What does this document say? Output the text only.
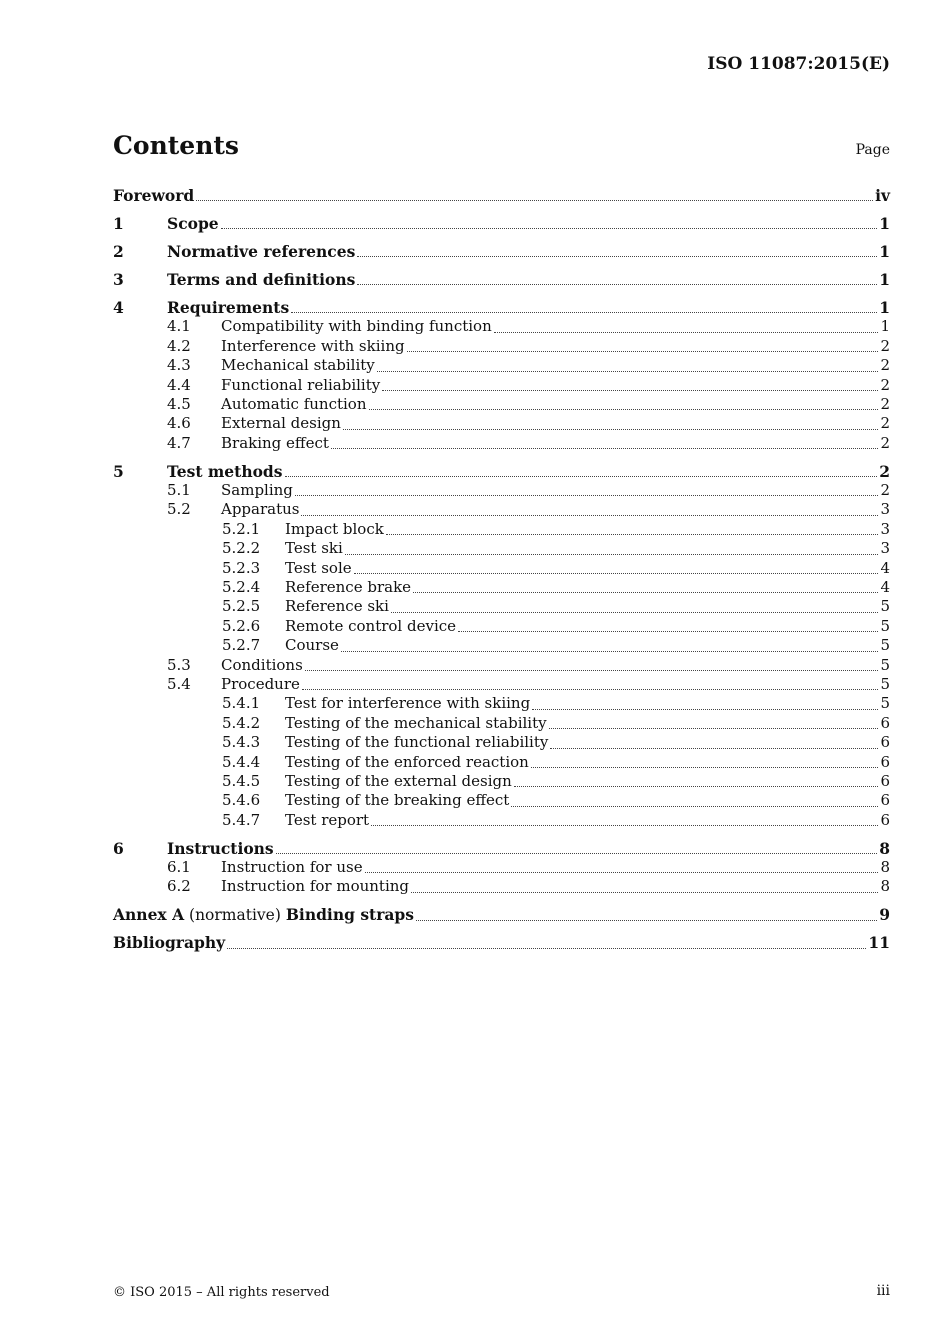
ISO 11087:2015(E)
Contents	Page
Foreword	iv
1	Scope	1
2	Normative references	1
3	Terms and definitions	1
4	Requirements	1
4.1	Compatibility with binding function	1
4.2	Interference with skiing	2
4.3	Mechanical stability	2
4.4	Functional reliability	2
4.5	Automatic function	2
4.6	External design	2
4.7	Braking effect	2
5	Test methods	2
5.1	Sampling	2
5.2	Apparatus	3
5.2.1	Impact block	3
5.2.2	Test ski	3
5.2.3	Test sole	4
5.2.4	Reference brake	4
5.2.5	Reference ski	5
5.2.6	Remote control device	5
5.2.7	Course	5
5.3	Conditions	5
5.4	Procedure	5
5.4.1	Test for interference with skiing	5
5.4.2	Testing of the mechanical stability	6
5.4.3	Testing of the functional reliability	6
5.4.4	Testing of the enforced reaction	6
5.4.5	Testing of the external design	6
5.4.6	Testing of the breaking effect	6
5.4.7	Test report	6
6	Instructions	8
6.1	Instruction for use	8
6.2	Instruction for mounting	8
Annex A (normative) Binding straps	9
Bibliography	11
© ISO 2015 – All rights reserved	iii
